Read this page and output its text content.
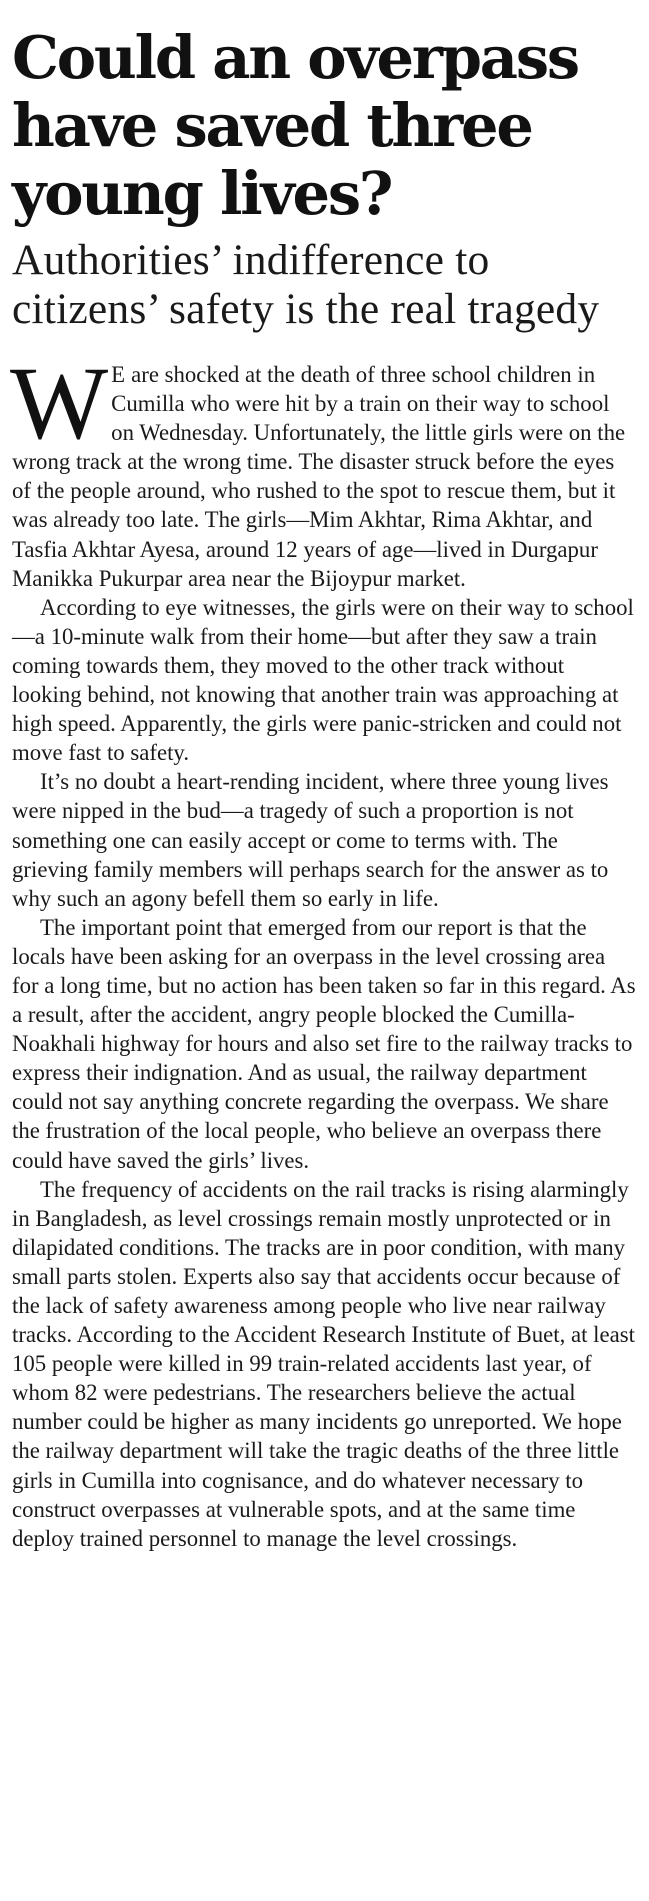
Could an overpass have saved three young lives?
Authorities’ indifference to citizens’ safety is the real tragedy

W E are shocked at the death of three school children in Cumilla who were hit by a train on their way to school on Wednesday. Unfortunately, the little girls were on the wrong track at the wrong time. The disaster struck before the eyes of the people around, who rushed to the spot to rescue them, but it was already too late. The girls—Mim Akhtar, Rima Akhtar, and Tasfia Akhtar Ayesa, around 12 years of age—lived in Durgapur Manikka Pukurpar area near the Bijoypur market.

According to eye witnesses, the girls were on their way to school—a 10-minute walk from their home—but after they saw a train coming towards them, they moved to the other track without looking behind, not knowing that another train was approaching at high speed. Apparently, the girls were panic-stricken and could not move fast to safety.

It’s no doubt a heart-rending incident, where three young lives were nipped in the bud—a tragedy of such a proportion is not something one can easily accept or come to terms with. The grieving family members will perhaps search for the answer as to why such an agony befell them so early in life.

The important point that emerged from our report is that the locals have been asking for an overpass in the level crossing area for a long time, but no action has been taken so far in this regard. As a result, after the accident, angry people blocked the Cumilla-Noakhali highway for hours and also set fire to the railway tracks to express their indignation. And as usual, the railway department could not say anything concrete regarding the overpass. We share the frustration of the local people, who believe an overpass there could have saved the girls’ lives.

The frequency of accidents on the rail tracks is rising alarmingly in Bangladesh, as level crossings remain mostly unprotected or in dilapidated conditions. The tracks are in poor condition, with many small parts stolen. Experts also say that accidents occur because of the lack of safety awareness among people who live near railway tracks. According to the Accident Research Institute of Buet, at least 105 people were killed in 99 train-related accidents last year, of whom 82 were pedestrians. The researchers believe the actual number could be higher as many incidents go unreported. We hope the railway department will take the tragic deaths of the three little girls in Cumilla into cognisance, and do whatever necessary to construct overpasses at vulnerable spots, and at the same time deploy trained personnel to manage the level crossings.
